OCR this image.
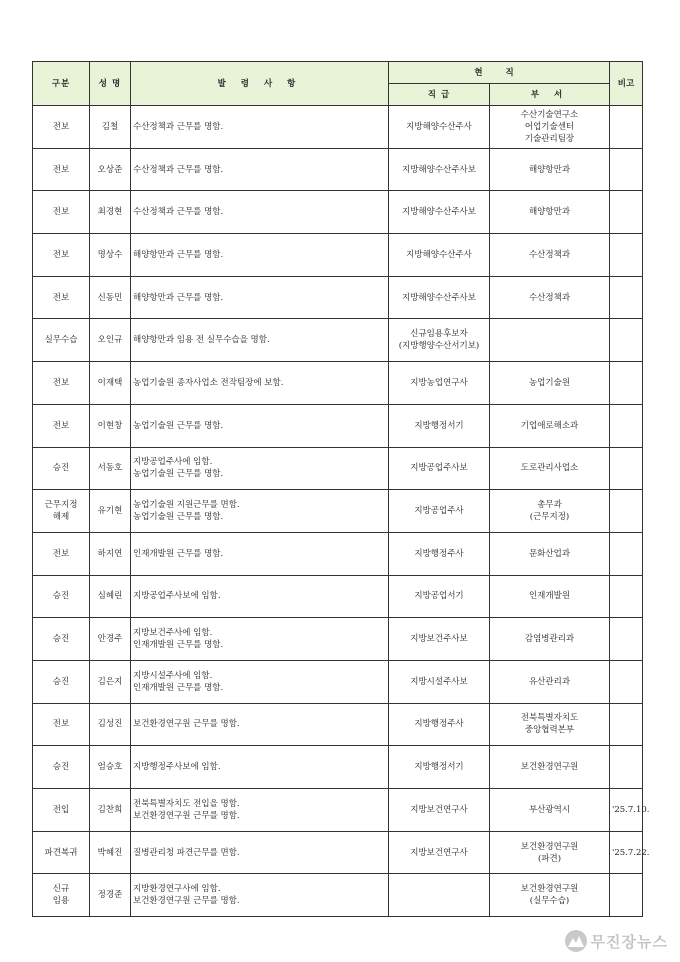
구분	성 명	발 령 사 항	현 직		비고
			직 급	부 서	

전보	김철	수산정책과 근무를 명함.	지방해양수산주사	수산기술연구소
어업기술센터
기술관리팀장	

전보	오상준	수산정책과 근무를 명함.	지방해양수산주사보	해양항만과	

전보	최경현	수산정책과 근무를 명함.	지방해양수산주사보	해양항만과	

전보	명상수	해양항만과 근무를 명함.	지방해양수산주사	수산정책과	

전보	신동민	해양항만과 근무를 명함.	지방해양수산주사보	수산정책과	

실무수습	오인규	해양항만과 임용 전 실무수습을 명함.	신규임용후보자
(지방행양수산서기보)		

전보	이재택	농업기술원 종자사업소 전작팀장에 보함.	지방농업연구사	농업기술원	

전보	이현창	농업기술원 근무를 명함.	지방행정서기	기업애로해소과	

승진	서동호	지방공업주사에 임함.
농업기술원 근무를 명함.	지방공업주사보	도로관리사업소	

근무지정
해제	유기현	농업기술원 지원근무를 면함.
농업기술원 근무를 명함.	지방공업주사	총무과
(근무지정)	

전보	하지연	인재개발원 근무를 명함.	지방행정주사	문화산업과	

승진	심혜린	지방공업주사보에 임함.	지방공업서기	인재개발원	

승진	안경주	지방보건주사에 임함.
인재개발원 근무를 명함.	지방보건주사보	감염병관리과	

승진	김은지	지방시설주사에 임함.
인재개발원 근무를 명함.	지방시설주사보	유산관리과	

전보	김성진	보건환경연구원 근무를 명함.	지방행정주사	전북특별자치도
중앙협력본부	

승진	엄승호	지방행정주사보에 임함.	지방행정서기	보건환경연구원	

전입	김찬희	전북특별자치도 전입을 명함.
보건환경연구원 근무를 명함.	지방보건연구사	부산광역시	'25.7.10.

파견복귀	박혜진	질병관리청 파견근무를 면함.	지방보건연구사	보건환경연구원
(파견)	'25.7.22.

신규
임용	정경준	지방환경연구사에 임함.
보건환경연구원 근무를 명함.		보건환경연구원
(실무수습)	

무진장뉴스
